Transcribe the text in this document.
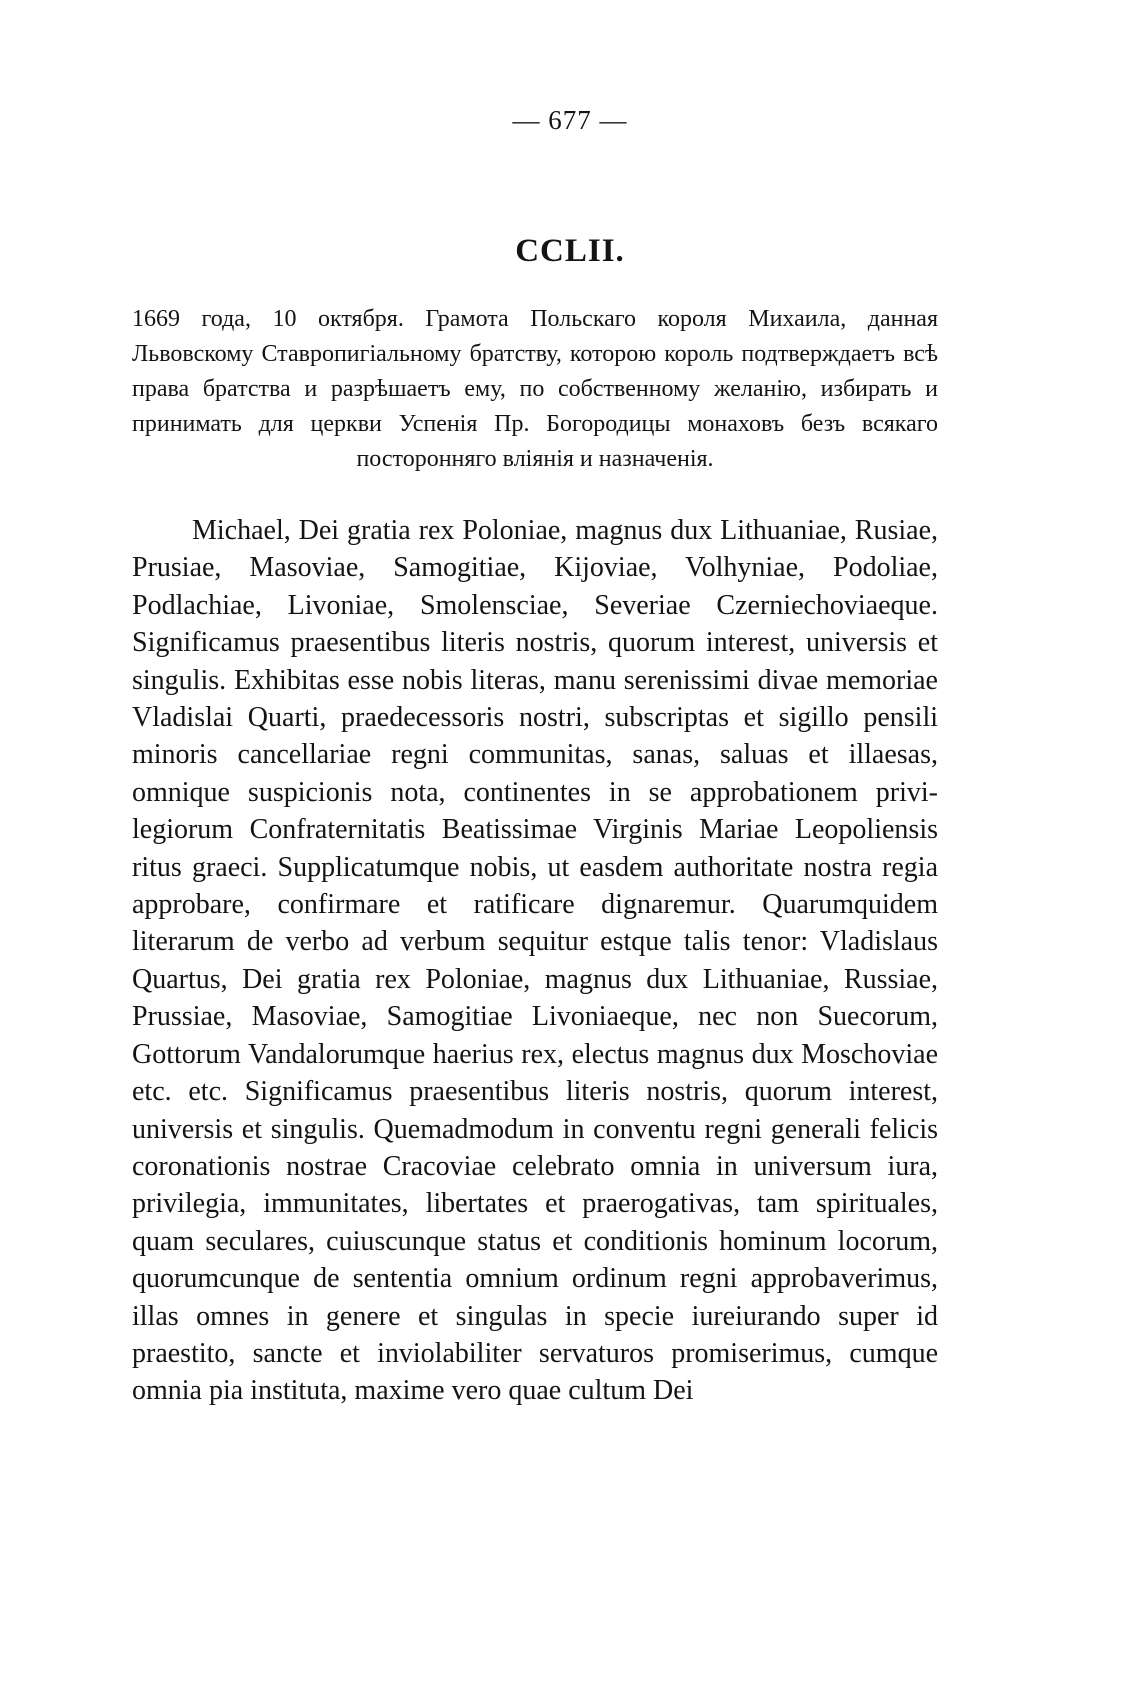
— 677 —
CCLII.
1669 года, 10 октября. Грамота Польскаго короля Михаила, данная Львовскому Ставропигіальному братству, которою король подтверждаетъ всѣ права братства и разрѣшаетъ ему, по собственному желанію, избирать и принимать для церкви Успенія Пр. Богородицы монаховъ безъ всякаго посторонняго вліянія и назначенія.
Michael, Dei gratia rex Poloniae, magnus dux Lithuaniae, Rusiae, Prusiae, Masoviae, Samogitiae, Kijoviae, Volhyniae, Podoliae, Podlachiae, Livoniae, Smolensciae, Severiae Czerniechoviaeque. Significamus praesentibus literis nostris, quorum interest, universis et singulis. Exhibitas esse nobis literas, manu serenissimi divae memoriae Vladislai Quarti, praedecessoris nostri, subscriptas et sigillo pensili minoris cancellariae regni communitas, sanas, saluas et illaesas, omnique suspicionis nota, continentes in se approbationem privilegiorum Confraternitatis Beatissimae Virginis Mariae Leopoliensis ritus graeci. Supplicatumque nobis, ut easdem authoritate nostra regia approbare, confirmare et ratificare dignaremur. Quarumquidem literarum de verbo ad verbum sequitur estque talis tenor: Vladislaus Quartus, Dei gratia rex Poloniae, magnus dux Lithuaniae, Russiae, Prussiae, Masoviae, Samogitiae Livoniaeque, nec non Suecorum, Gottorum Vandalorumque haerius rex, electus magnus dux Moschoviae etc. etc. Significamus praesentibus literis nostris, quorum interest, universis et singulis. Quemadmodum in conventu regni generali felicis coronationis nostrae Cracoviae celebrato omnia in universum iura, privilegia, immunitates, libertates et praerogativas, tam spirituales, quam seculares, cuiuscunque status et conditionis hominum locorum, quorumcunque de sententia omnium ordinum regni approbaverimus, illas omnes in genere et singulas in specie iureiurando super id praestito, sancte et inviolabiliter servaturos promiserimus, cumque omnia pia instituta, maxime vero quae cultum Dei
